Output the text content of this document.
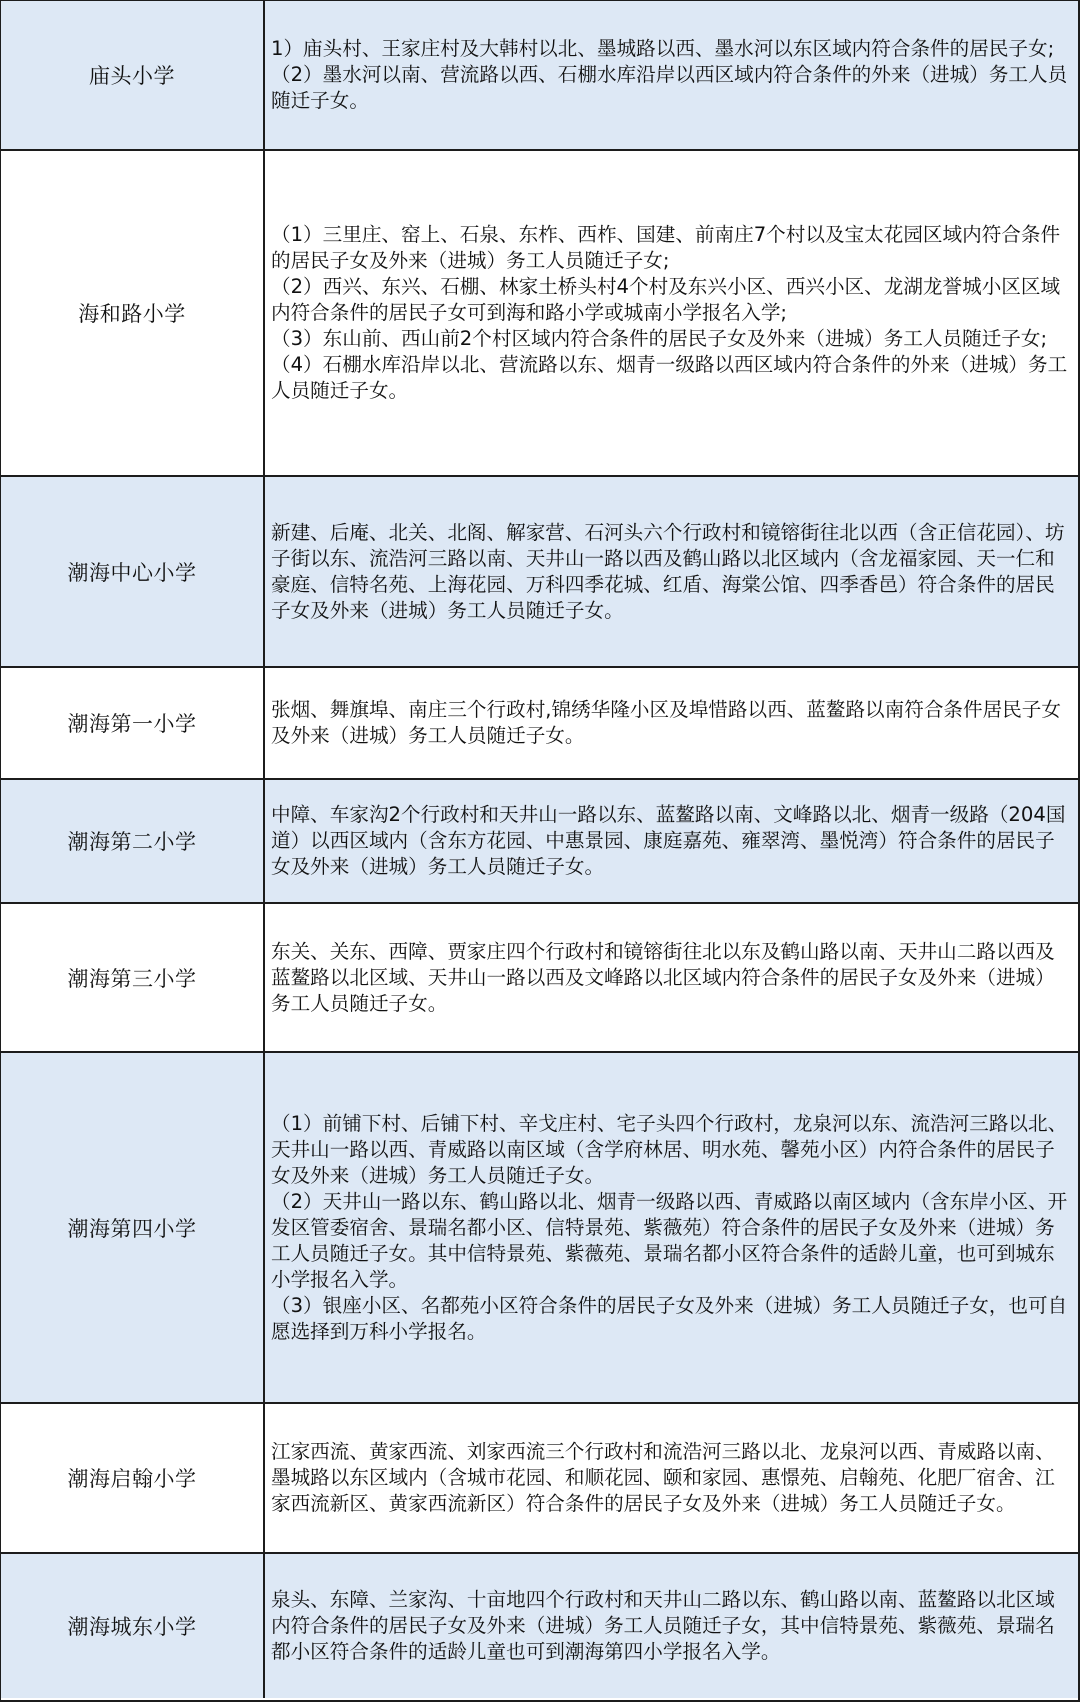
庙头小学
1）庙头村、王家庄村及大韩村以北、墨城路以西、墨水河以东区域内符合条件的居民子女;
（2）墨水河以南、营流路以西、石棚水库沿岸以西区域内符合条件的外来（进城）务工人员随迁子女。
海和路小学
（1）三里庄、窑上、石泉、东柞、西柞、国建、前南庄7个村以及宝太花园区域内符合条件的居民子女及外来（进城）务工人员随迁子女;
（2）西兴、东兴、石棚、林家土桥头村4个村及东兴小区、西兴小区、龙湖龙誉城小区区域内符合条件的居民子女可到海和路小学或城南小学报名入学;
（3）东山前、西山前2个村区域内符合条件的居民子女及外来（进城）务工人员随迁子女;
（4）石棚水库沿岸以北、营流路以东、烟青一级路以西区域内符合条件的外来（进城）务工人员随迁子女。
潮海中心小学
新建、后庵、北关、北阁、解家营、石河头六个行政村和镜镕街往北以西（含正信花园）、坊子街以东、流浩河三路以南、天井山一路以西及鹤山路以北区域内（含龙福家园、天一仁和豪庭、信特名苑、上海花园、万科四季花城、红盾、海棠公馆、四季香邑）符合条件的居民子女及外来（进城）务工人员随迁子女。
潮海第一小学
张烟、舞旗埠、南庄三个行政村,锦绣华隆小区及埠惜路以西、蓝鳌路以南符合条件居民子女及外来（进城）务工人员随迁子女。
潮海第二小学
中障、车家沟2个行政村和天井山一路以东、蓝鳌路以南、文峰路以北、烟青一级路（204国道）以西区域内（含东方花园、中惠景园、康庭嘉苑、雍翠湾、墨悦湾）符合条件的居民子女及外来（进城）务工人员随迁子女。
潮海第三小学
东关、关东、西障、贾家庄四个行政村和镜镕街往北以东及鹤山路以南、天井山二路以西及蓝鳌路以北区域、天井山一路以西及文峰路以北区域内符合条件的居民子女及外来（进城）务工人员随迁子女。
潮海第四小学
（1）前铺下村、后铺下村、辛戈庄村、宅子头四个行政村，龙泉河以东、流浩河三路以北、天井山一路以西、青威路以南区域（含学府林居、明水苑、馨苑小区）内符合条件的居民子女及外来（进城）务工人员随迁子女。
（2）天井山一路以东、鹤山路以北、烟青一级路以西、青威路以南区域内（含东岸小区、开发区管委宿舍、景瑞名都小区、信特景苑、紫薇苑）符合条件的居民子女及外来（进城）务工人员随迁子女。其中信特景苑、紫薇苑、景瑞名都小区符合条件的适龄儿童，也可到城东小学报名入学。
（3）银座小区、名都苑小区符合条件的居民子女及外来（进城）务工人员随迁子女，也可自愿选择到万科小学报名。
潮海启翰小学
江家西流、黄家西流、刘家西流三个行政村和流浩河三路以北、龙泉河以西、青威路以南、墨城路以东区域内（含城市花园、和顺花园、颐和家园、惠憬苑、启翰苑、化肥厂宿舍、江家西流新区、黄家西流新区）符合条件的居民子女及外来（进城）务工人员随迁子女。
潮海城东小学
泉头、东障、兰家沟、十亩地四个行政村和天井山二路以东、鹤山路以南、蓝鳌路以北区域内符合条件的居民子女及外来（进城）务工人员随迁子女，其中信特景苑、紫薇苑、景瑞名都小区符合条件的适龄儿童也可到潮海第四小学报名入学。
